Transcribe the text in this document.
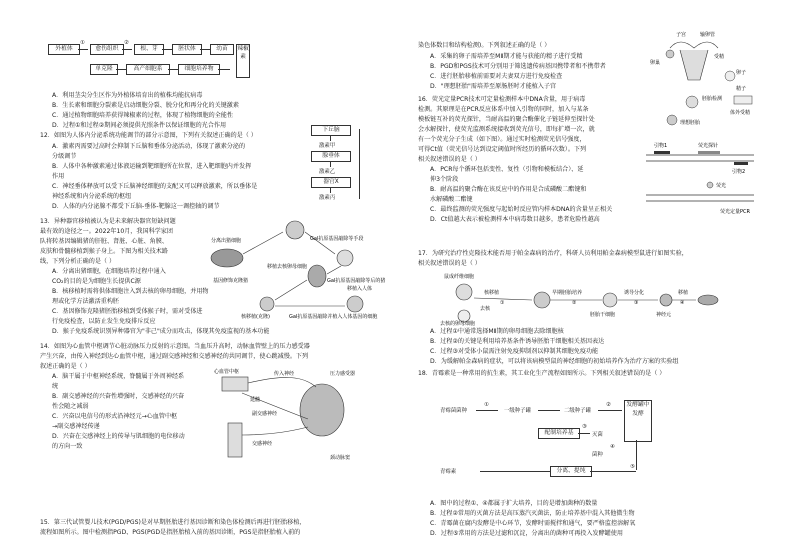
外植体
①
愈伤组织
②
根、芽	胚状体	幼苗
单克隆	高产细胞系	细胞培养物
辣椒素
A．利用茎尖分生区作为外植体培育出的植株均能抗病毒
B．生长素和细胞分裂素是启动细胞分裂、脱分化和再分化的关键激素
C．通过植物细胞培养获得辣椒素的过程，体现了植物细胞的全能性
D．过程①和过程②期间必须提供光照条件以保证细胞的光合作用
12．如图为人体内分泌系统功能调节的部分示意图，下列有关叙述正确的是（ ）
A．激素丙需要过高时会抑制下丘脑和垂体分泌活动，体现了激素分泌的
分级调节
B．人体中各种激素通过体液运输到靶细胞所在位置，进入靶细胞内并发挥
作用
C．神经垂体释放可以受下丘脑神经细胞的支配又可以释放激素，所以垂体是
神经系统和内分泌系统的枢纽
D．人体的内分泌腺不都受下丘脑-垂体-靶腺这一调控轴的调节
下丘脑
激素甲
腺垂体
激素乙
器官X
激素丙
13．异种器官移植被认为是未来解决器官短缺问题
最有效的途径之一。2022年10月，我国科学家团
队将转基因编辑猪的肝脏、肾脏、心脏、角膜、
皮肤和骨髓移植到猴子身上。下图为相关技术路
线，下列分析正确的是（ ）
A．分离出猪细胞，在细胞培养过程中通入
CO₂的目的是为细胞生长提供C源
B．核移植时需将供体细胞注入到去核的卵母细胞，并用物
理或化学方法激活重构胚
C．基因修饰克隆猪胚胎移植到受体猴子时，需对受体进
行免疫检查，以防止发生免疫排斥反应
D．猴子免疫系统识别异种器官为"非己"成分而攻击，体现其免疫监视的基本功能
分离出猪细胞	Gal抗原基因敲除等手段
移植去核卵母细胞
基因修饰克隆猪
核移植(克隆)
Gal抗原基因敲除等后的猪
移植入人体
Gal抗原基因敲除并植入人体基因的细胞
14．如图为心血管中枢调节心脏动脉压力反射的示意图。当血压升高时，动脉血管壁上的压力感受器
产生兴奋，由传入神经到达心血管中枢，通过副交感神经和交感神经的共同调节，使心跳减慢。下列
叙述正确的是（ ）
A．脑干属于中枢神经系统，脊髓属于外周神经系
统
B．副交感神经的兴奋性增强时，交感神经的兴奋
性会随之减弱
C．兴奋以电信号的形式沿神经元→心血管中枢
→副交感神经传递
D．兴奋在交感神经上的传导与肌细胞的电位移动
的方向一致
心血管中枢	传入神经
延髓
副交感神经
交感神经
压力感受器
颈动脉窦
15．第三代试管婴儿技术(PGD/PGS)是对早期胚胎进行基因诊断和染色体检测后再进行胚胎移植，
流程如图所示。图中检测指PGD、PGS(PGD是指胚胎植入前的基因诊断，PGS是指胚胎植入前的
染色体数目和结构检测)。下列叙述正确的是（ ）
A．采集的卵子需培养至MⅡ期才能与获能的精子进行受精
B．PGD和PGS技术可分别用于筛选遗传病基因携带者和不携带者
C．进行胚胎移植前需要对夫妻双方进行免疫检查
D．"理想胚胎"需培养至原肠胚时才能植入子宫
子宫	输卵管
卵巢
受精
卵子
胚胎检测
理想胚胎
精子
体外受精
16．荧光定量PCR技术可定量检测样本中DNA含量，用于病毒
检测。其原理是在PCR反应体系中加入引物的同时，加入与某条
模板链互补的荧光探针，当耐高温的聚合酶催化子链延伸至探针处
会水解探针，使荧光监测系统接收到荧光信号，即每扩增一次，就
有一个荧光分子生成（如下图）。通过实时检测荧光信号强度，
可得Ct值（荧光信号达到设定阈值时所经历的循环次数）。下列
相关叙述错误的是（ ）
A．PCR每个循环包括变性、复性（引物和模板结合）、延
伸3个阶段
B．耐高温的聚合酶在该反应中的作用是合成磷酸二酯键和
水解磷酸二酯键
C．最终监测的荧光强度与起始时反应管内样本DNA的含量呈正相关
D．Ct值越大表示被检测样本中病毒数目越多，患者危险性越高
引物1	荧光探针
引物2
荧光
荧光定量PCR
17．为研究治疗性克隆技术能否用于帕金森病的治疗，科研人员利用帕金森病模型鼠进行如图实验，
相关叙述错误的是（ ）
鼠成纤维细胞
核移植	早期胚胎培养
去核
胚胎干细胞
诱导分化
神经元
移植
去核的卵母细胞
①	②	③	④
A．过程①中通常选择MⅡ期的卵母细胞去除细胞核
B．过程②的关键是利用培养基条件诱导胚胎干细胞相关基因表达
C．过程③对受体小鼠需注射免疫抑制剂以抑制其细胞免疫功能
D．为缓解帕金森病的症状，可以将该病模型鼠的神经细胞的初始培养作为治疗方案的实验组
18．青霉素是一种常用的抗生素，其工业化生产流程如图所示。下列相关叙述错误的是（ ）
青霉菌菌种
①
一级种子罐	二级种子罐
②	发酵罐中发酵
配制培养基	灭菌
③
菌种
④
分离、提纯
⑤
青霉素
A．图中的过程①、④都属于扩大培养，目的是增加菌种的数量
B．过程②常用的灭菌方法是高压蒸汽灭菌法，防止培养基中混入其他微生物
C．青霉菌在腐内发酵是中心环节，发酵时需搅拌和通气，要严格监控溶解氧
D．过程⑤常用的方法是过滤和沉淀，分离出的菌种可再投入发酵罐使用
